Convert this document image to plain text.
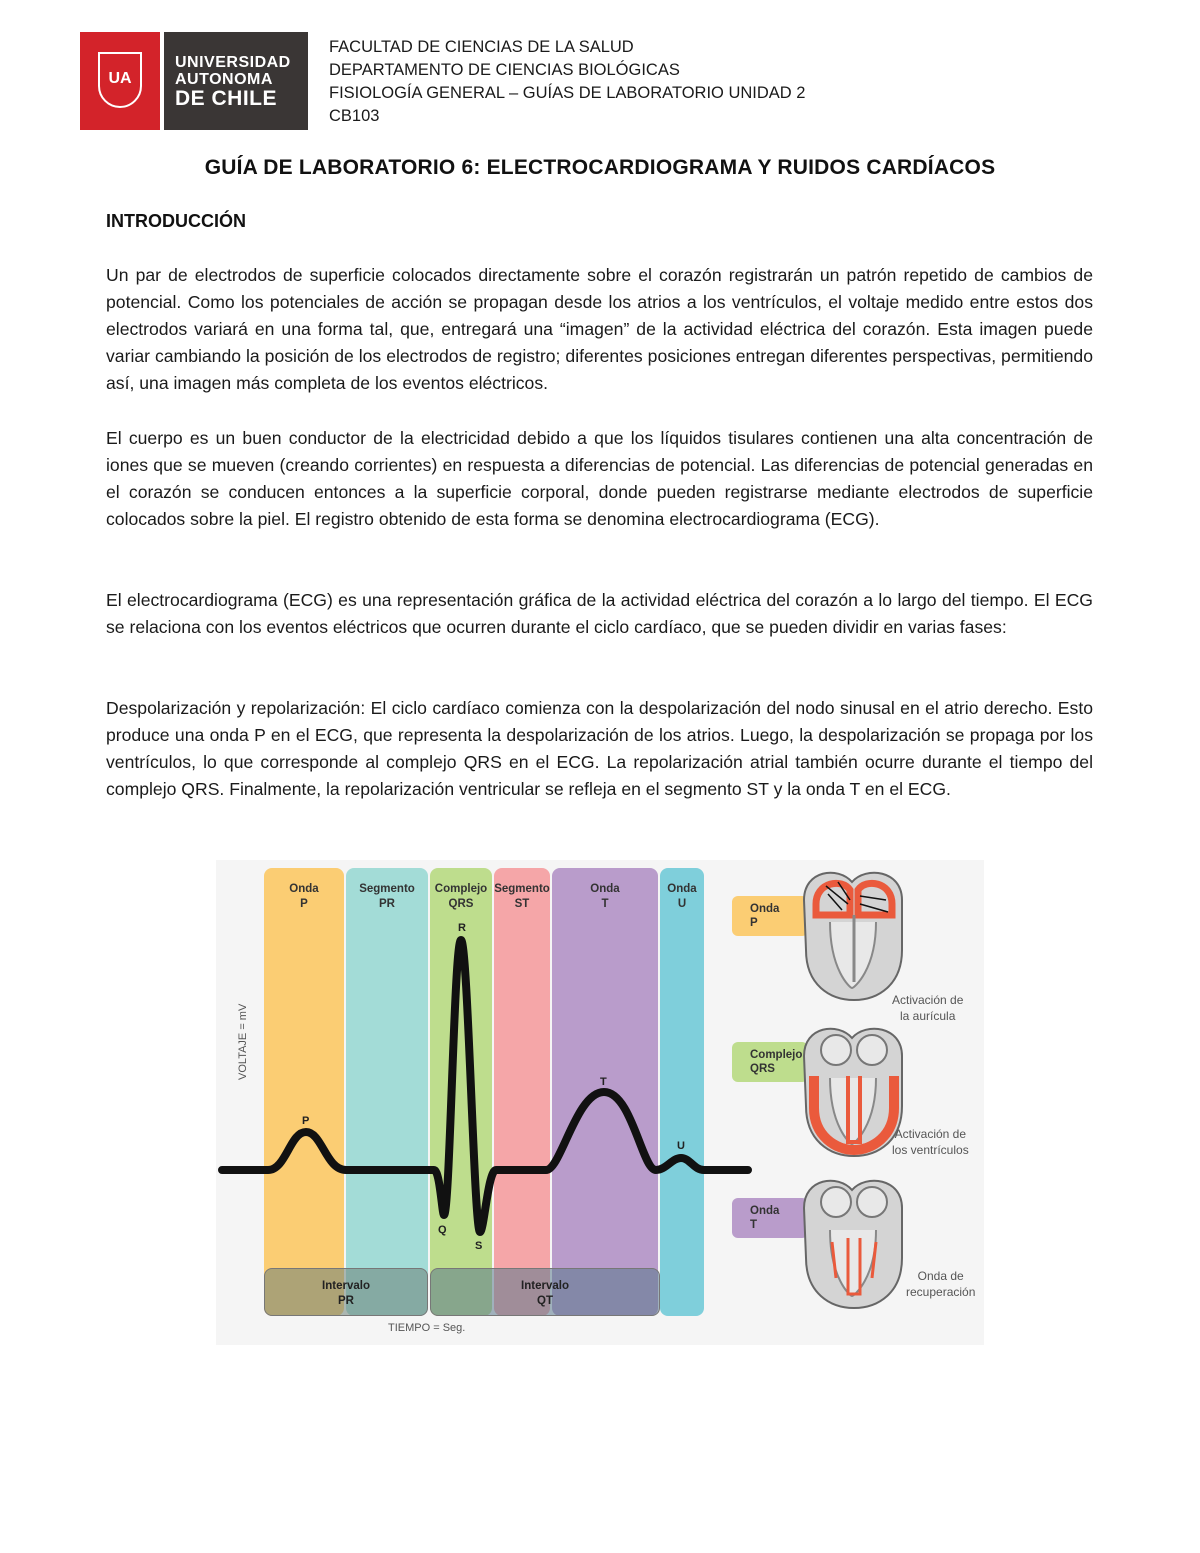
UA
UNIVERSIDAD
AUTONOMA
DE CHILE
FACULTAD DE CIENCIAS DE LA SALUD
DEPARTAMENTO DE CIENCIAS BIOLÓGICAS
FISIOLOGÍA GENERAL – GUÍAS DE LABORATORIO UNIDAD 2
CB103
GUÍA DE LABORATORIO 6: ELECTROCARDIOGRAMA Y RUIDOS CARDÍACOS
INTRODUCCIÓN

Un par de electrodos de superficie colocados directamente sobre el corazón registrarán un patrón repetido de cambios de potencial. Como los potenciales de acción se propagan desde los atrios a los ventrículos, el voltaje medido entre estos dos electrodos variará en una forma tal, que, entregará una “imagen” de la actividad eléctrica del corazón. Esta imagen puede variar cambiando la posición de los electrodos de registro; diferentes posiciones entregan diferentes perspectivas, permitiendo así, una imagen más completa de los eventos eléctricos.

El cuerpo es un buen conductor de la electricidad debido a que los líquidos tisulares contienen una alta concentración de iones que se mueven (creando corrientes) en respuesta a diferencias de potencial. Las diferencias de potencial generadas en el corazón se conducen entonces a la superficie corporal, donde pueden registrarse mediante electrodos de superficie colocados sobre la piel. El registro obtenido de esta forma se denomina electrocardiograma (ECG).

El electrocardiograma (ECG) es una representación gráfica de la actividad eléctrica del corazón a lo largo del tiempo. El ECG se relaciona con los eventos eléctricos que ocurren durante el ciclo cardíaco, que se pueden dividir en varias fases:

Despolarización y repolarización: El ciclo cardíaco comienza con la despolarización del nodo sinusal en el atrio derecho. Esto produce una onda P en el ECG, que representa la despolarización de los atrios. Luego, la despolarización se propaga por los ventrículos, lo que corresponde al complejo QRS en el ECG. La repolarización atrial también ocurre durante el tiempo del complejo QRS. Finalmente, la repolarización ventricular se refleja en el segmento ST y la onda T en el ECG.

Onda
P
Segmento
PR
Complejo
QRS
Segmento
ST
Onda
T
Onda
U
Intervalo
PR
Intervalo
QT
P
R
Q
S
T
U
VOLTAJE = mV
TIEMPO = Seg.
Onda
P
Complejo
QRS
Onda
T
Activación de
la aurícula
Activación de
los ventrículos
Onda de
recuperación
